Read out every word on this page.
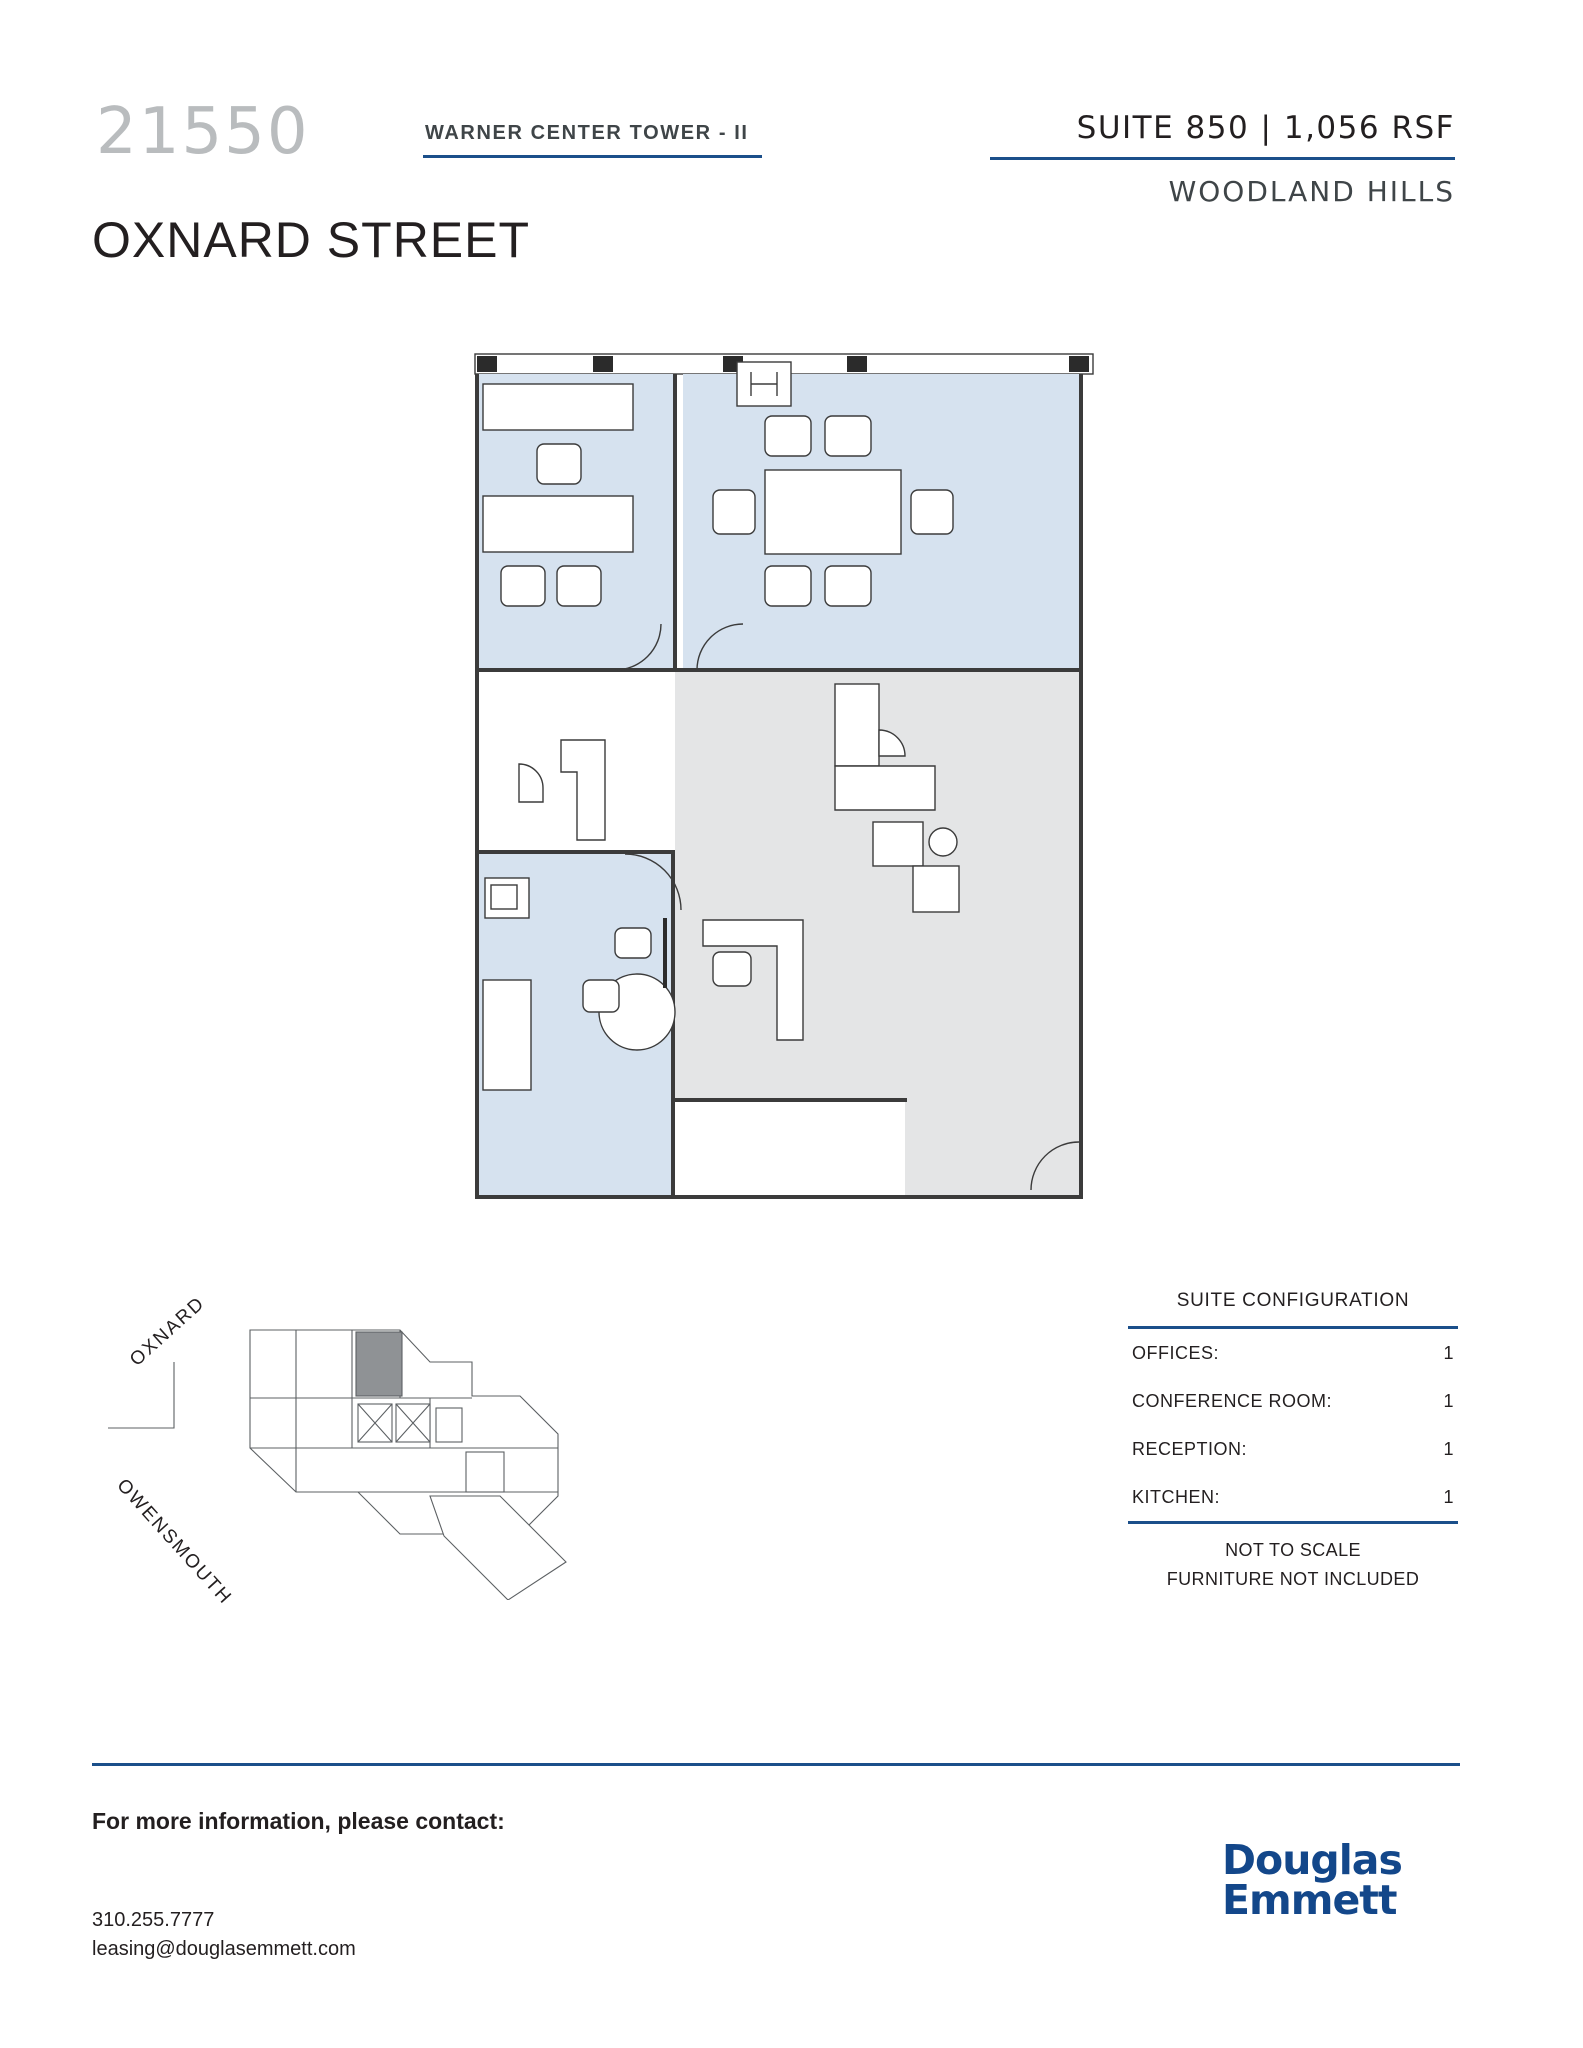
21550
OXNARD STREET
WARNER CENTER TOWER - II	SUITE 850 | 1,056 RSF
WOODLAND HILLS
OXNARD
OWENSMOUTH
SUITE CONFIGURATION
OFFICES:	1
CONFERENCE ROOM:	1
RECEPTION:	1
KITCHEN:	1
NOT TO SCALE
FURNITURE NOT INCLUDED
For more information, please contact:
310.255.7777
leasing@douglasemmett.com
Douglas
Emmett
